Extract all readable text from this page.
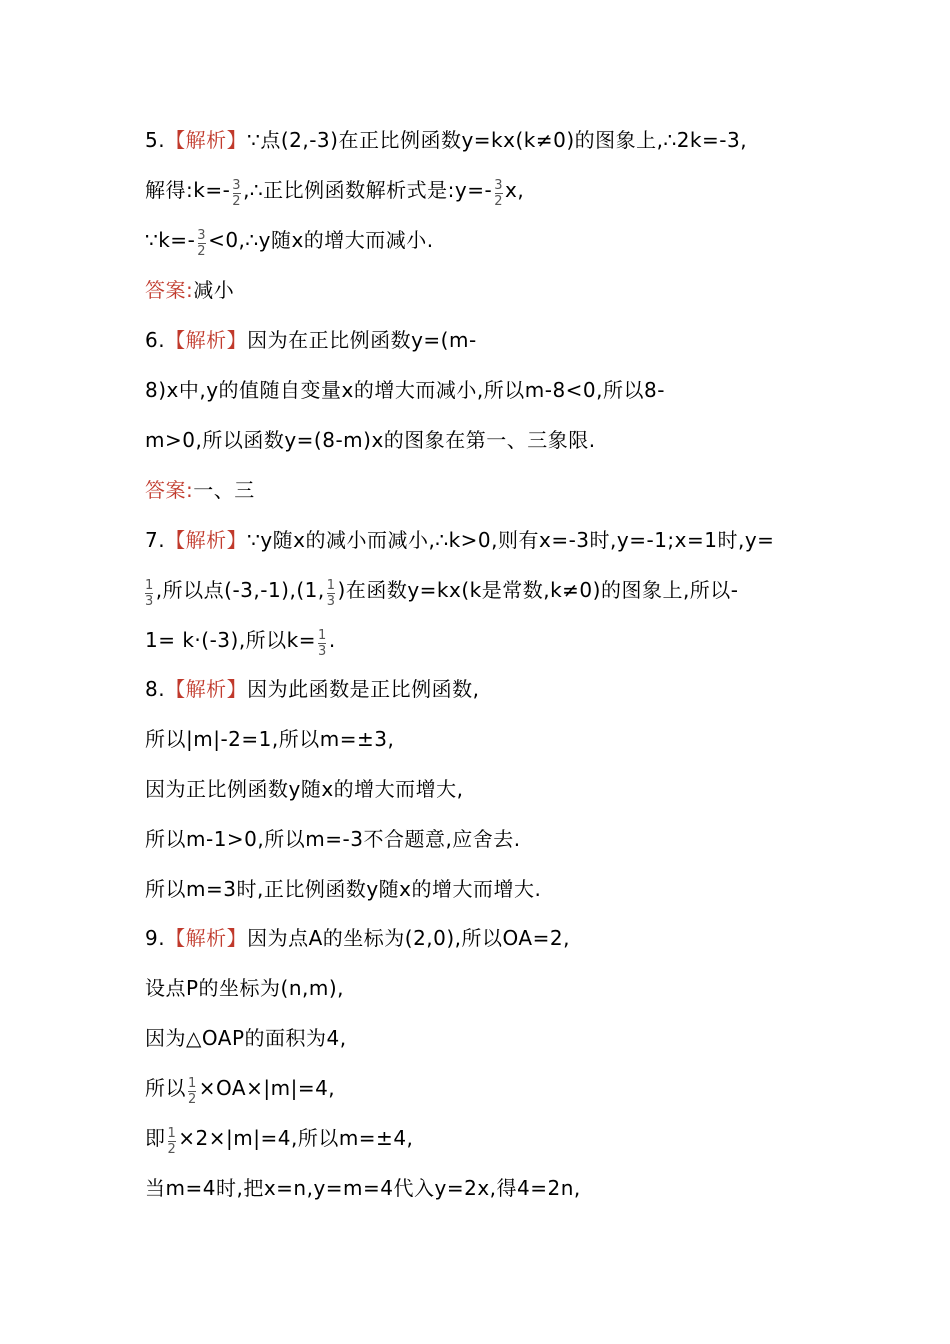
5.【解析】∵点(2,-3)在正比例函数y=kx(k≠0)的图象上,∴2k=-3,
解得:k=- $\frac{3}{2}$ ,∴正比例函数解析式是:y=- $\frac{3}{2} x$,
∵k=- $\frac{3}{2}$ <0,∴y随x的增大而减小.
答案:减小
6.【解析】因为在正比例函数y=(m-
8)x中,y的值随自变量x的增大而减小,所以m-8<0,所以8-
m>0,所以函数y=(8-m)x的图象在第一、三象限.
答案:一、三
7.【解析】∵y随x的减小而减小,∴k>0,则有x=-3时,y=-1;x=1时,y=
$\frac{1}{3}$ ,所以点(-3,-1),(1, $\frac{1}{3}$ )在函数y=kx(k是常数,k≠0)的图象上,所以-
1= k·(-3),所以$k= \frac{1}{3}$ .
8.【解析】因为此函数是正比例函数,
所以|m|-2=1,所以m=±3,
因为正比例函数y随x的增大而增大,
所以m-1>0,所以m=-3不合题意,应舍去.
所以m=3时,正比例函数y随x的增大而增大.
9.【解析】因为点A的坐标为(2,0),所以OA=2,
设点P的坐标为(n,m),
因为△OAP的面积为4,
所以 $\frac{1}{2} \times OA\times|m|=4$,
即 $\frac{1}{2} \times 2\times|m|=4$,所以m=±4,
当m=4时,把x=n,y=m=4代入y=2x,得4=2n,
